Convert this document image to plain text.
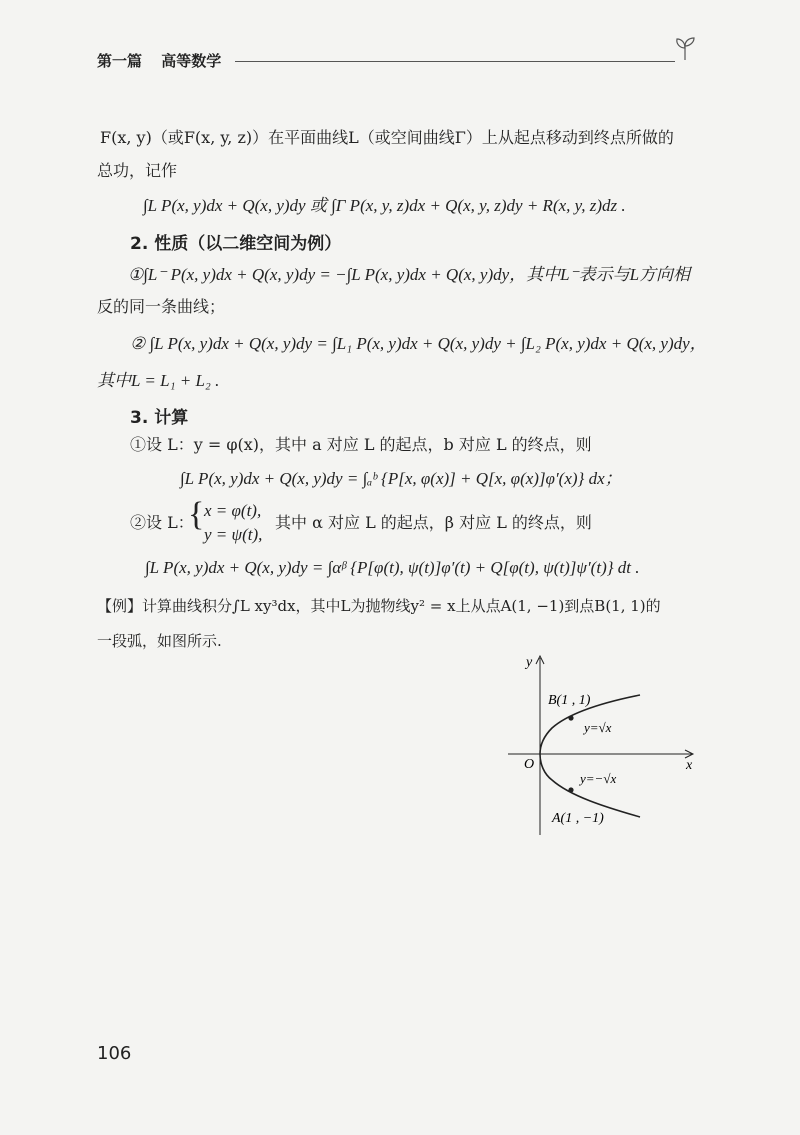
第一篇 高等数学
F(x, y)（或F(x, y, z)）在平面曲线L（或空间曲线Γ）上从起点移动到终点所做的
总功，记作
∫L P(x, y)dx + Q(x, y)dy 或 ∫Γ P(x, y, z)dx + Q(x, y, z)dy + R(x, y, z)dz .
2. 性质（以二维空间为例）
①∫L⁻ P(x, y)dx + Q(x, y)dy = −∫L P(x, y)dx + Q(x, y)dy，其中L⁻表示与L方向相
反的同一条曲线；
② ∫L P(x, y)dx + Q(x, y)dy = ∫L₁ P(x, y)dx + Q(x, y)dy + ∫L₂ P(x, y)dx + Q(x, y)dy，
其中L = L₁ + L₂ .
3. 计算
①设 L：y = φ(x)，其中 a 对应 L 的起点，b 对应 L 的终点，则
∫L P(x, y)dx + Q(x, y)dy = ∫ₐᵇ {P[x, φ(x)] + Q[x, φ(x)]φ′(x)} dx；
②设 L：
{ x = φ(t),
y = ψ(t),
其中 α 对应 L 的起点，β 对应 L 的终点，则
∫L P(x, y)dx + Q(x, y)dy = ∫αᵝ {P[φ(t), ψ(t)]φ′(t) + Q[φ(t), ψ(t)]ψ′(t)} dt .
【例】计算曲线积分∫L xy³dx，其中L为抛物线y² = x上从点A(1, −1)到点B(1, 1)的
一段弧，如图所示.
y
x
O
B(1 , 1)
A(1 , −1)
y=√x
y=−√x
106
